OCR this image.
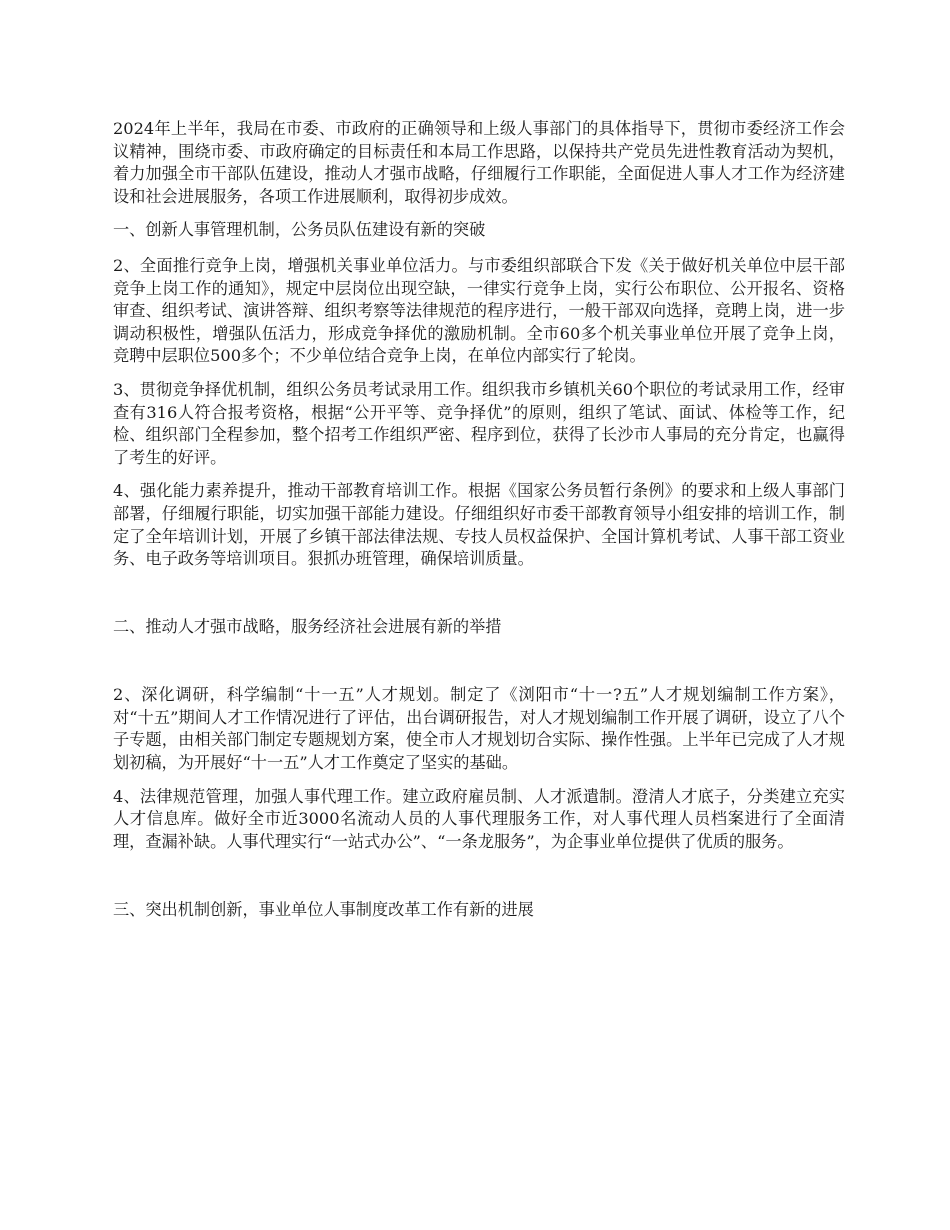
2024年上半年，我局在市委、市政府的正确领导和上级人事部门的具体指导下，贯彻市委经济工作会议精神，围绕市委、市政府确定的目标责任和本局工作思路，以保持共产党员先进性教育活动为契机，着力加强全市干部队伍建设，推动人才强市战略，仔细履行工作职能，全面促进人事人才工作为经济建设和社会进展服务，各项工作进展顺利，取得初步成效。

一、创新人事管理机制，公务员队伍建设有新的突破

2、全面推行竞争上岗，增强机关事业单位活力。与市委组织部联合下发《关于做好机关单位中层干部竞争上岗工作的通知》，规定中层岗位出现空缺，一律实行竞争上岗，实行公布职位、公开报名、资格审查、组织考试、演讲答辩、组织考察等法律规范的程序进行，一般干部双向选择，竞聘上岗，进一步调动积极性，增强队伍活力，形成竞争择优的激励机制。全市60多个机关事业单位开展了竞争上岗，竞聘中层职位500多个；不少单位结合竞争上岗，在单位内部实行了轮岗。

3、贯彻竞争择优机制，组织公务员考试录用工作。组织我市乡镇机关60个职位的考试录用工作，经审查有316人符合报考资格，根据“公开平等、竞争择优”的原则，组织了笔试、面试、体检等工作，纪检、组织部门全程参加，整个招考工作组织严密、程序到位，获得了长沙市人事局的充分肯定，也赢得了考生的好评。

4、强化能力素养提升，推动干部教育培训工作。根据《国家公务员暂行条例》的要求和上级人事部门部署，仔细履行职能，切实加强干部能力建设。仔细组织好市委干部教育领导小组安排的培训工作，制定了全年培训计划，开展了乡镇干部法律法规、专技人员权益保护、全国计算机考试、人事干部工资业务、电子政务等培训项目。狠抓办班管理，确保培训质量。

二、推动人才强市战略，服务经济社会进展有新的举措

2、深化调研，科学编制“十一五”人才规划。制定了《浏阳市“十一?五”人才规划编制工作方案》，对“十五”期间人才工作情况进行了评估，出台调研报告，对人才规划编制工作开展了调研，设立了八个子专题，由相关部门制定专题规划方案，使全市人才规划切合实际、操作性强。上半年已完成了人才规划初稿，为开展好“十一五”人才工作奠定了坚实的基础。

4、法律规范管理，加强人事代理工作。建立政府雇员制、人才派遣制。澄清人才底子，分类建立充实人才信息库。做好全市近3000名流动人员的人事代理服务工作，对人事代理人员档案进行了全面清理，查漏补缺。人事代理实行“一站式办公”、“一条龙服务”，为企事业单位提供了优质的服务。

三、突出机制创新，事业单位人事制度改革工作有新的进展
